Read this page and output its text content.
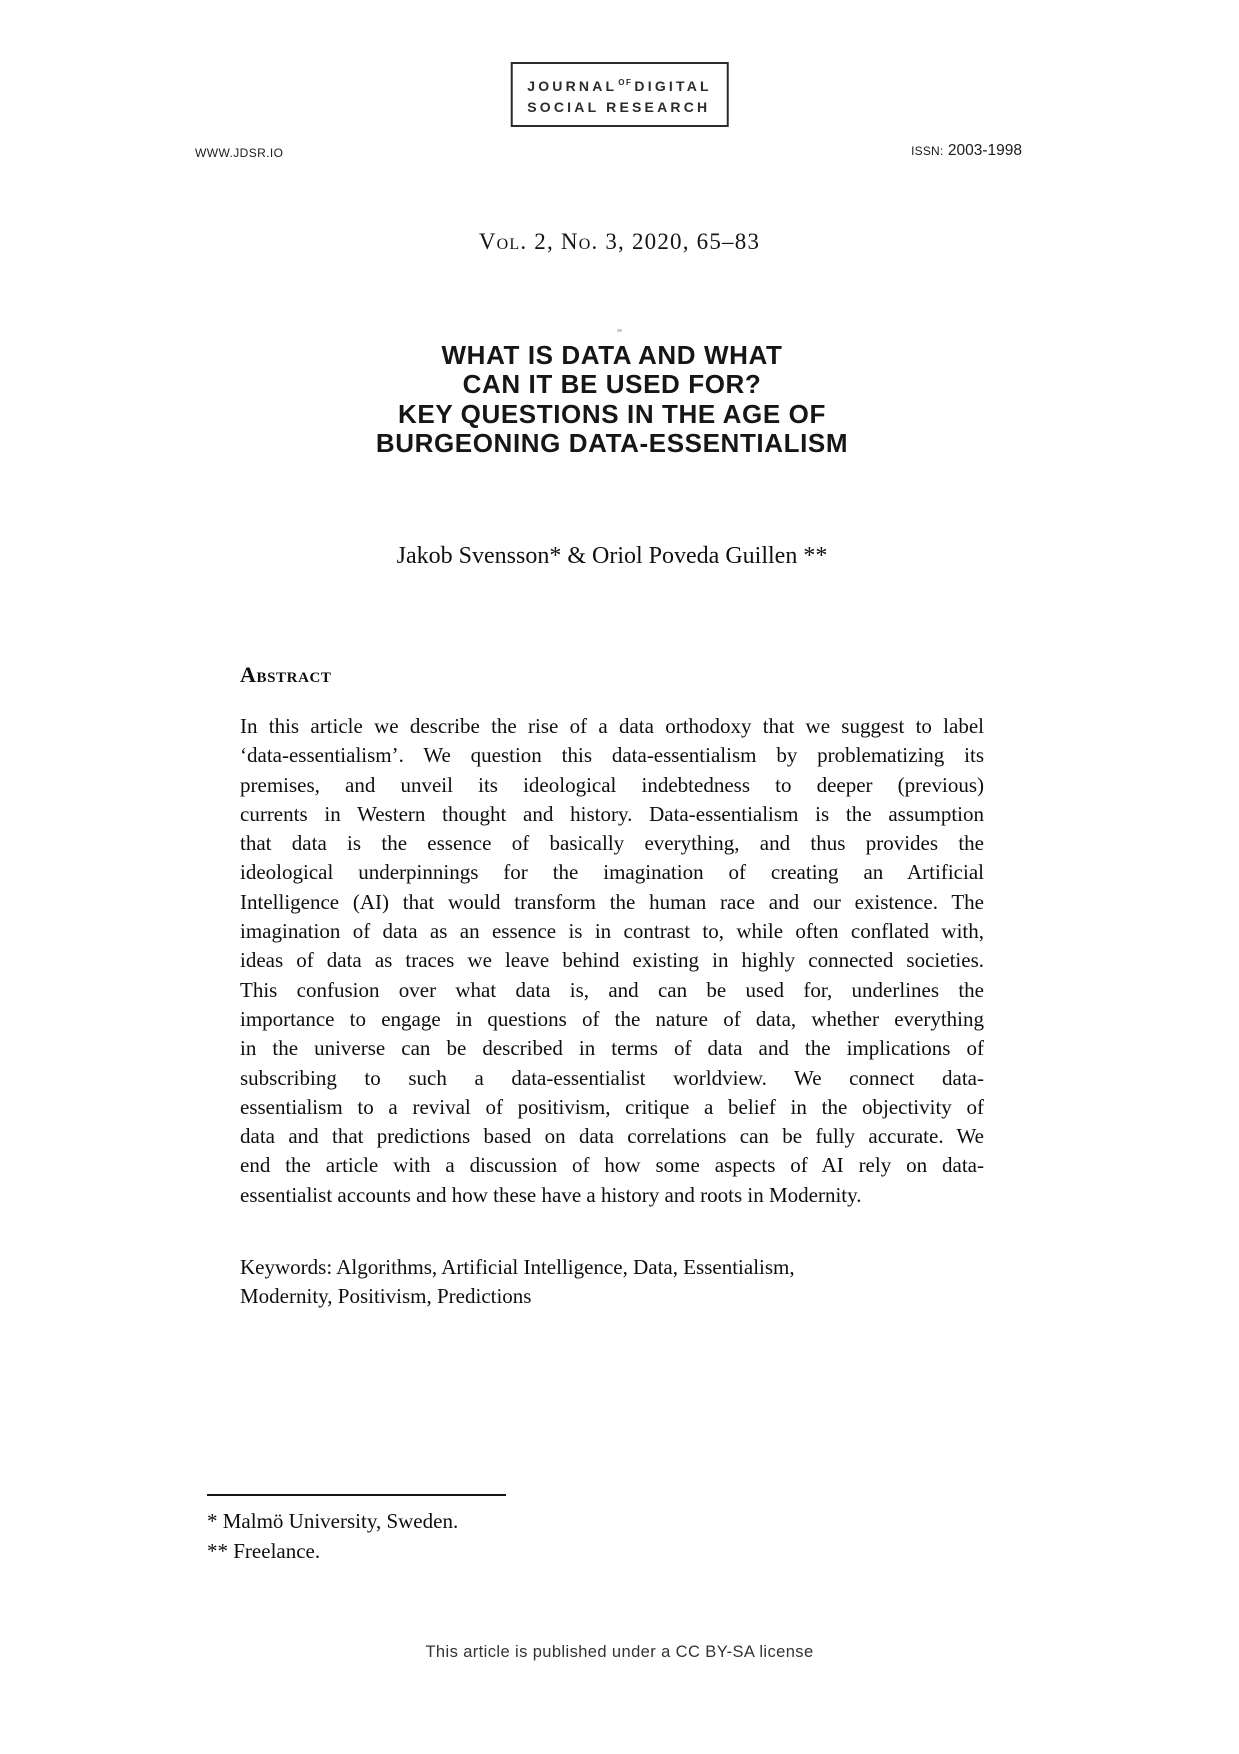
$JOURNAL^{OF}$ DIGITAL
SOCIAL RESEARCH
WWW.JDSR.IO	ISSN: 2003-1998
Vol. 2, No. 3, 2020, 65–83
WHAT IS DATA AND WHAT
CAN IT BE USED FOR?
KEY QUESTIONS IN THE AGE OF
BURGEONING DATA-ESSENTIALISM
Jakob Svensson* & Oriol Poveda Guillen **
Abstract
In this article we describe the rise of a data orthodoxy that we suggest to label
‘data-essentialism’. We question this data-essentialism by problematizing its
premises, and unveil its ideological indebtedness to deeper (previous)
currents in Western thought and history. Data-essentialism is the assumption
that data is the essence of basically everything, and thus provides the
ideological underpinnings for the imagination of creating an Artificial
Intelligence (AI) that would transform the human race and our existence. The
imagination of data as an essence is in contrast to, while often conflated with,
ideas of data as traces we leave behind existing in highly connected societies.
This confusion over what data is, and can be used for, underlines the
importance to engage in questions of the nature of data, whether everything
in the universe can be described in terms of data and the implications of
subscribing to such a data-essentialist worldview. We connect data-
essentialism to a revival of positivism, critique a belief in the objectivity of
data and that predictions based on data correlations can be fully accurate. We
end the article with a discussion of how some aspects of AI rely on data-
essentialist accounts and how these have a history and roots in Modernity.
Keywords: Algorithms, Artificial Intelligence, Data, Essentialism,
Modernity, Positivism, Predictions
* Malmö University, Sweden.
** Freelance.
This article is published under a CC BY-SA license
